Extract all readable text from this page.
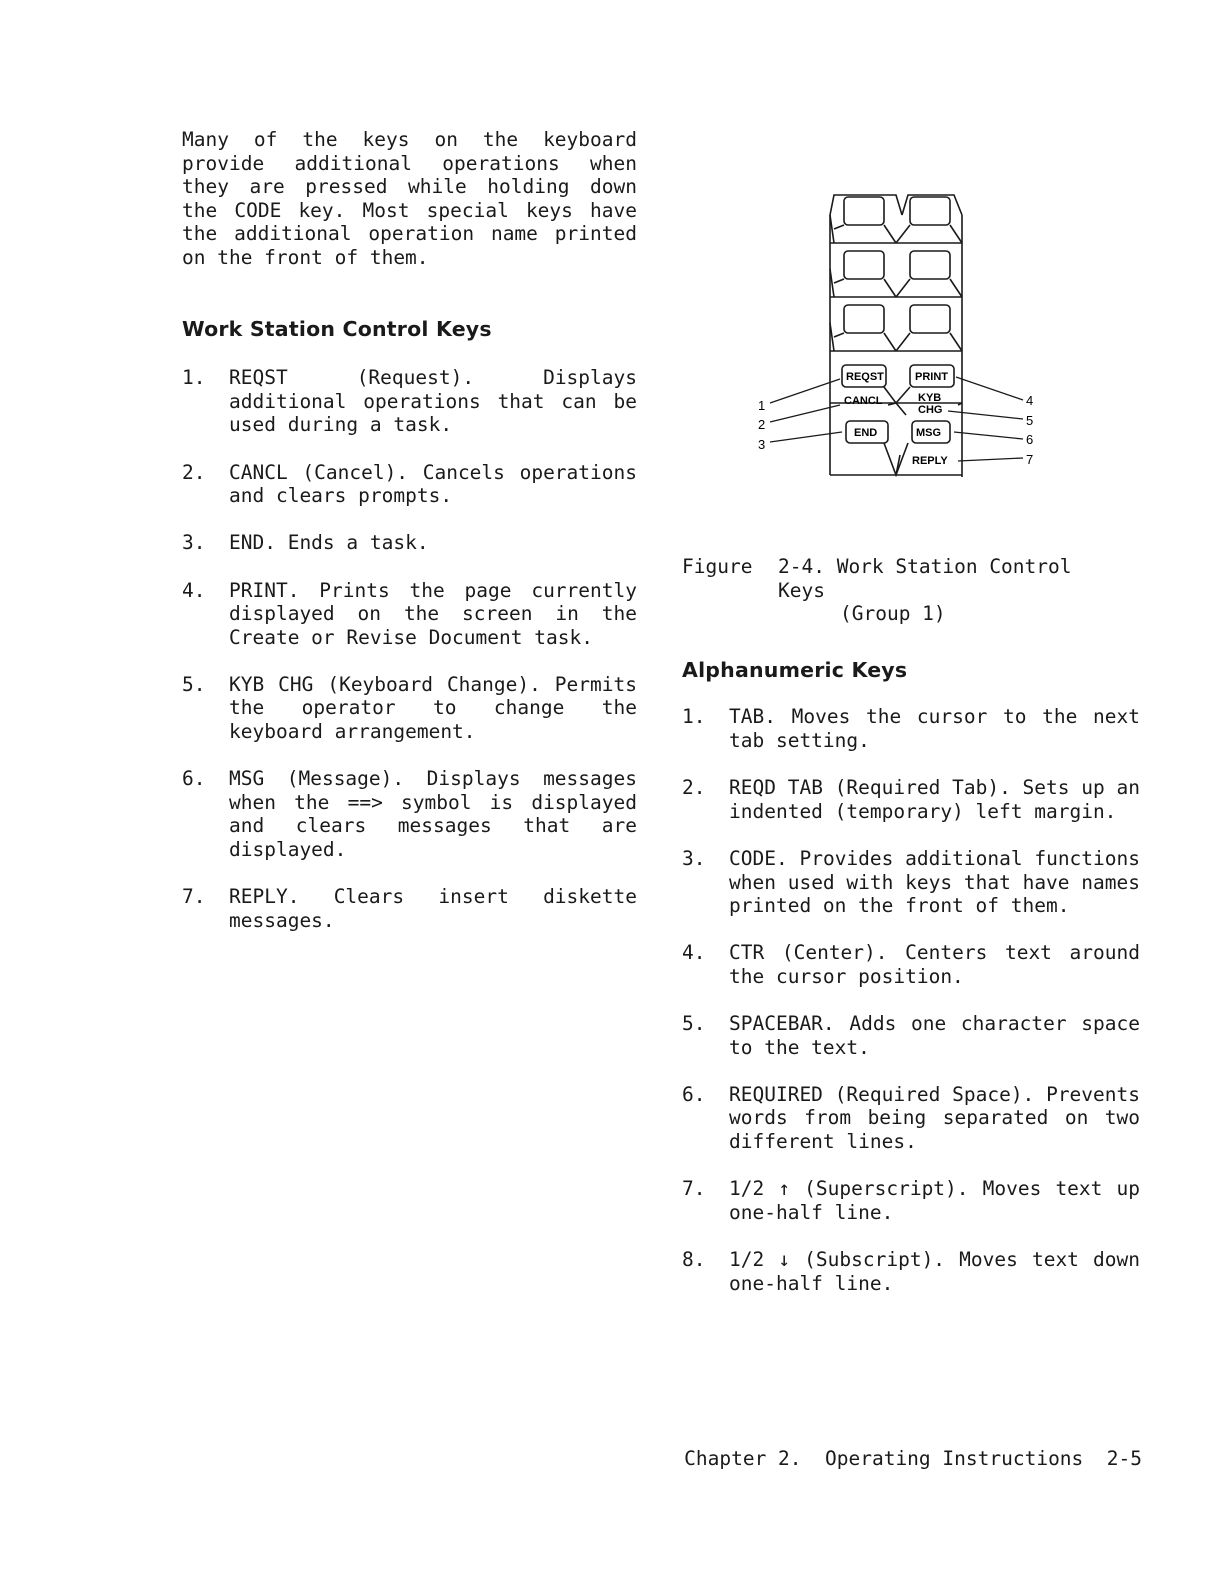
Many of the keys on the keyboard provide additional operations when they are pressed while holding down the CODE key. Most special keys have the additional operation name printed on the front of them.

Work Station Control Keys
1. REQST (Request). Displays additional operations that can be used during a task.
2. CANCL (Cancel). Cancels operations and clears prompts.
3. END. Ends a task.
4. PRINT. Prints the page currently displayed on the screen in the Create or Revise Document task.
5. KYB CHG (Keyboard Change). Permits the operator to change the keyboard arrangement.
6. MSG (Message). Displays messages when the ==> symbol is displayed and clears messages that are displayed.
7. REPLY. Clears insert diskette messages.
REQST	PRINT
CANCL	KYB
CHG
END	MSG
REPLY
1
2
3
4
5
6
7
Figure	2-4. Work Station Control Keys
(Group 1)
Alphanumeric Keys
1. TAB. Moves the cursor to the next tab setting.
2. REQD TAB (Required Tab). Sets up an indented (temporary) left margin.
3. CODE. Provides additional functions when used with keys that have names printed on the front of them.
4. CTR (Center). Centers text around the cursor position.
5. SPACEBAR. Adds one character space to the text.
6. REQUIRED (Required Space). Prevents words from being separated on two different lines.
7. 1/2 ↑ (Superscript). Moves text up one-half line.
8. 1/2 ↓ (Subscript). Moves text down one-half line.
Chapter 2.  Operating Instructions  2-5
